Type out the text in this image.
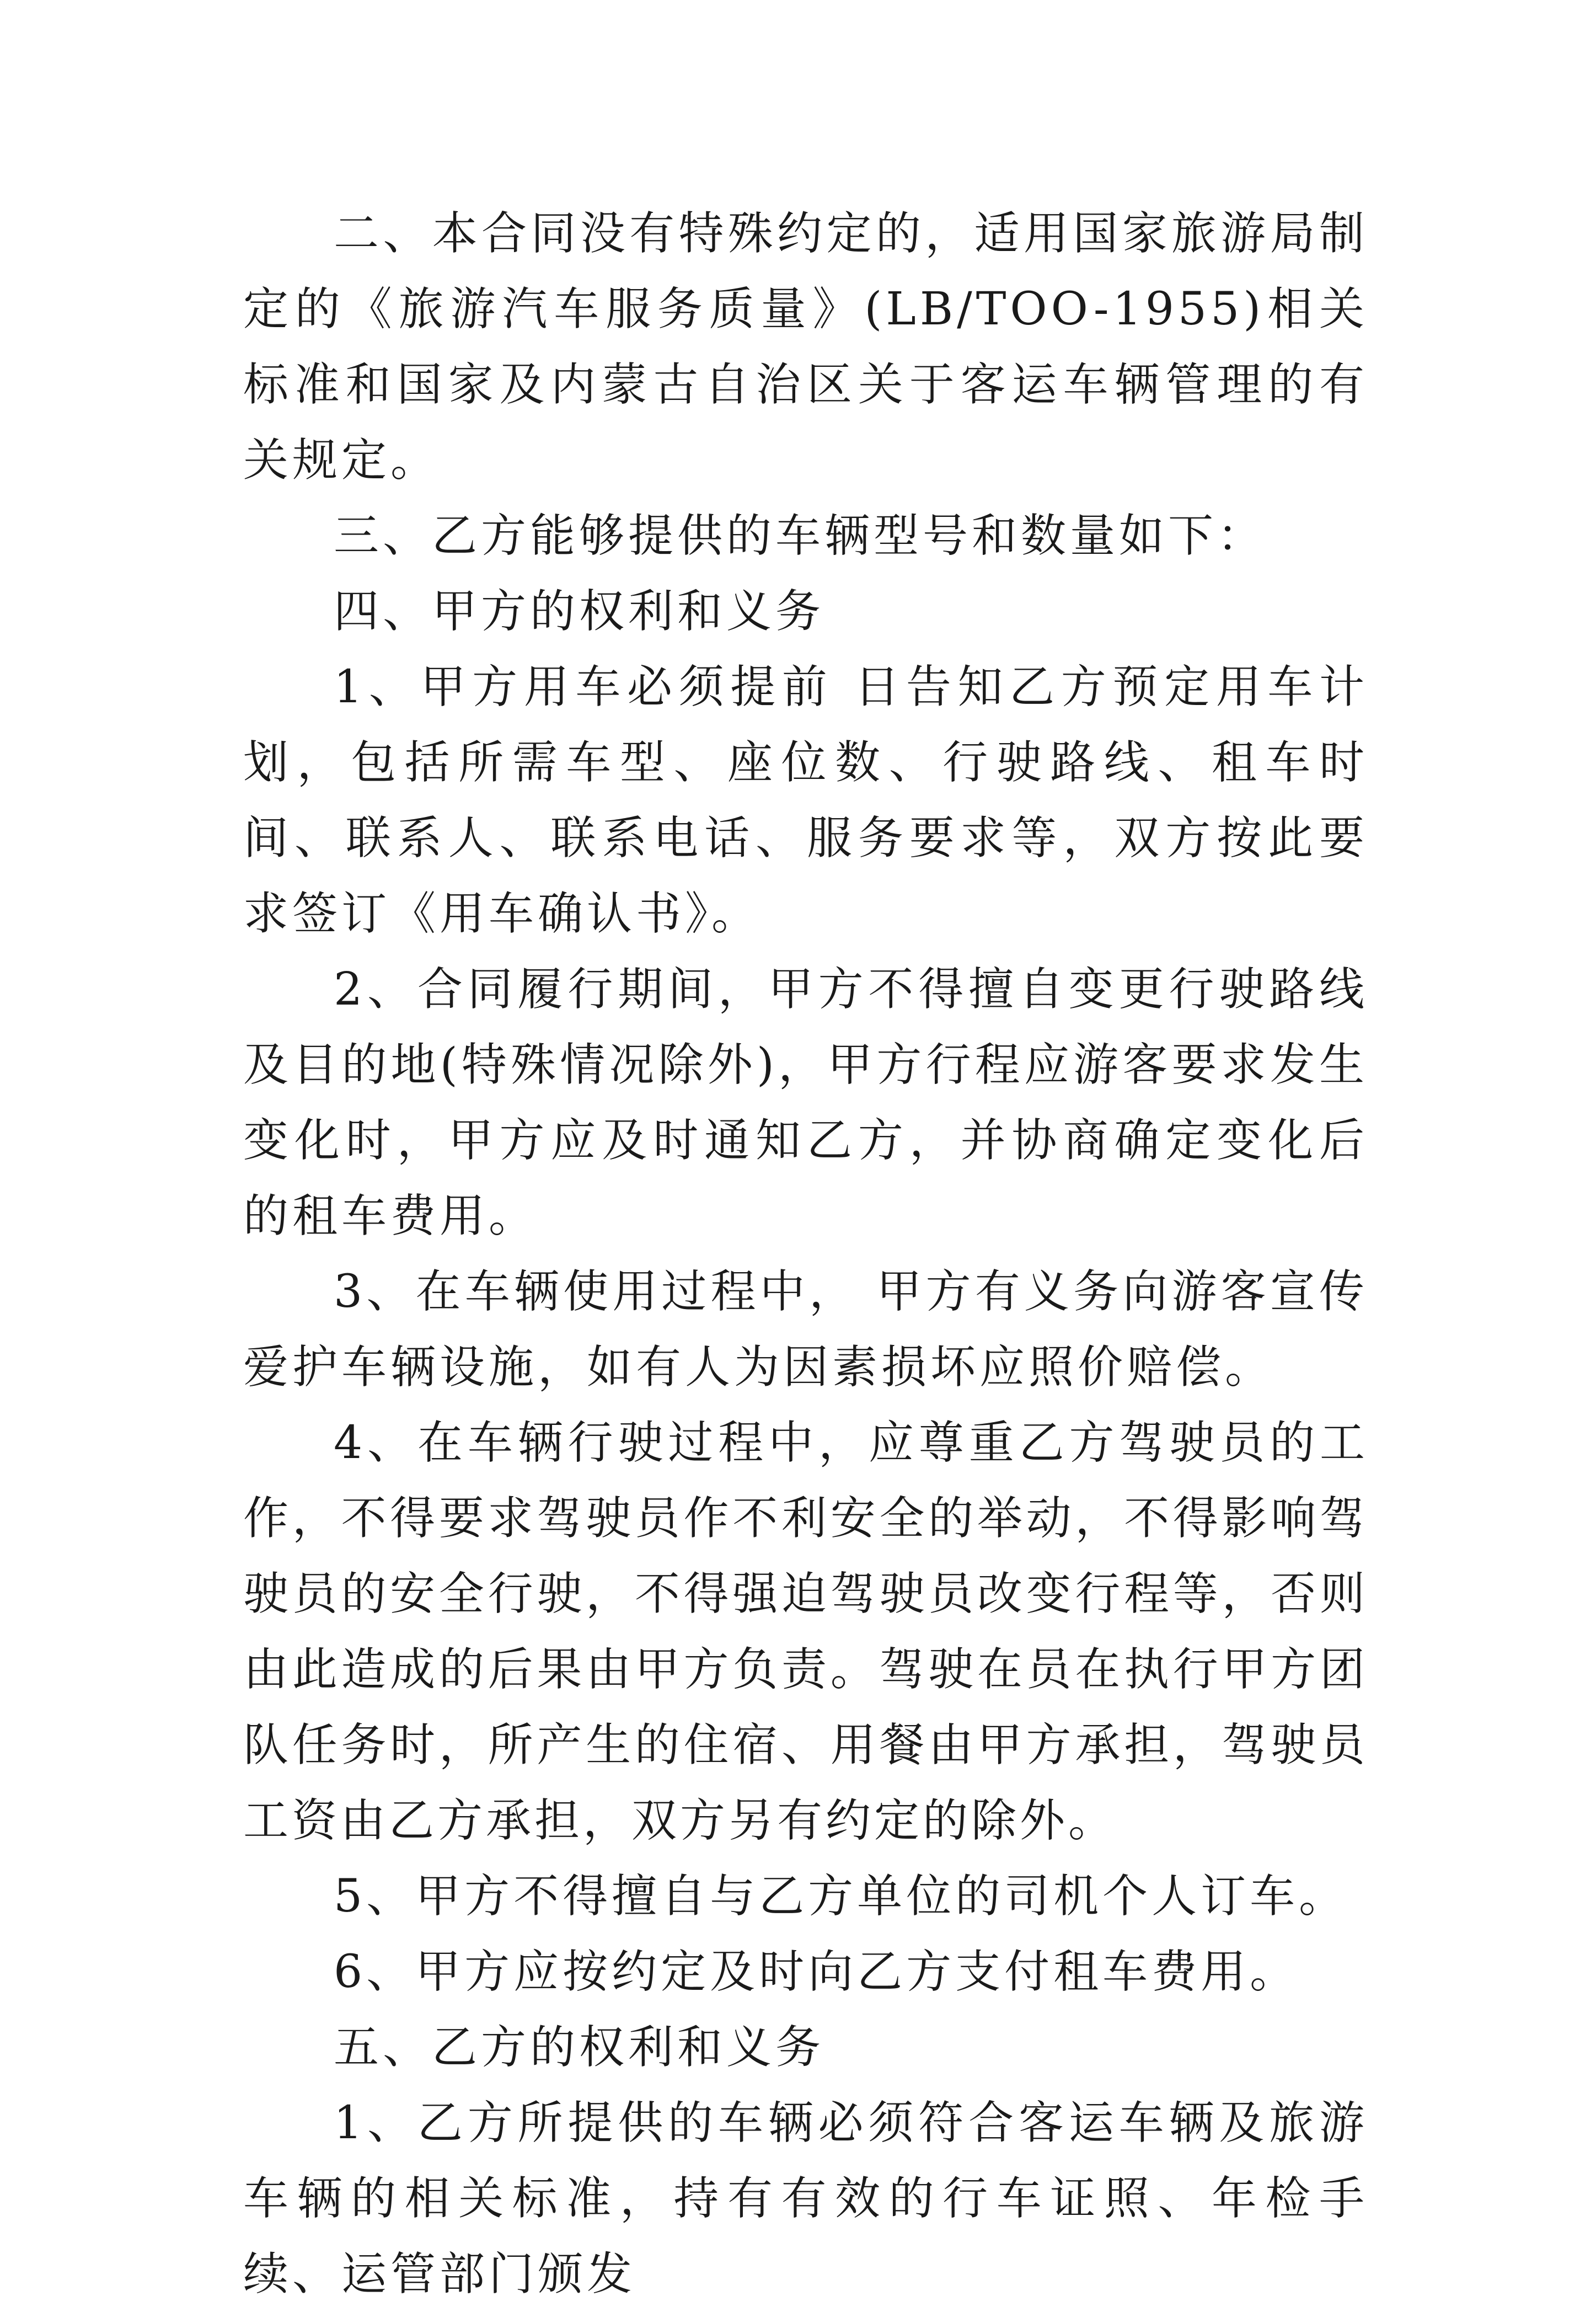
二、本合同没有特殊约定的，适用国家旅游局制定的《旅游汽车服务质量》(LB/TOO-1955)相关标准和国家及内蒙古自治区关于客运车辆管理的有关规定。

三、乙方能够提供的车辆型号和数量如下：

四、甲方的权利和义务

1、甲方用车必须提前 日告知乙方预定用车计划，包括所需车型、座位数、行驶路线、租车时间、联系人、联系电话、服务要求等，双方按此要求签订《用车确认书》。

2、合同履行期间，甲方不得擅自变更行驶路线及目的地(特殊情况除外)，甲方行程应游客要求发生变化时，甲方应及时通知乙方，并协商确定变化后的租车费用。

3、在车辆使用过程中， 甲方有义务向游客宣传爱护车辆设施，如有人为因素损坏应照价赔偿。

4、在车辆行驶过程中，应尊重乙方驾驶员的工作，不得要求驾驶员作不利安全的举动，不得影响驾驶员的安全行驶，不得强迫驾驶员改变行程等，否则由此造成的后果由甲方负责。驾驶在员在执行甲方团队任务时，所产生的住宿、用餐由甲方承担，驾驶员工资由乙方承担，双方另有约定的除外。

5、甲方不得擅自与乙方单位的司机个人订车。

6、甲方应按约定及时向乙方支付租车费用。

五、乙方的权利和义务

1、乙方所提供的车辆必须符合客运车辆及旅游车辆的相关标准，持有有效的行车证照、年检手续、运管部门颁发
